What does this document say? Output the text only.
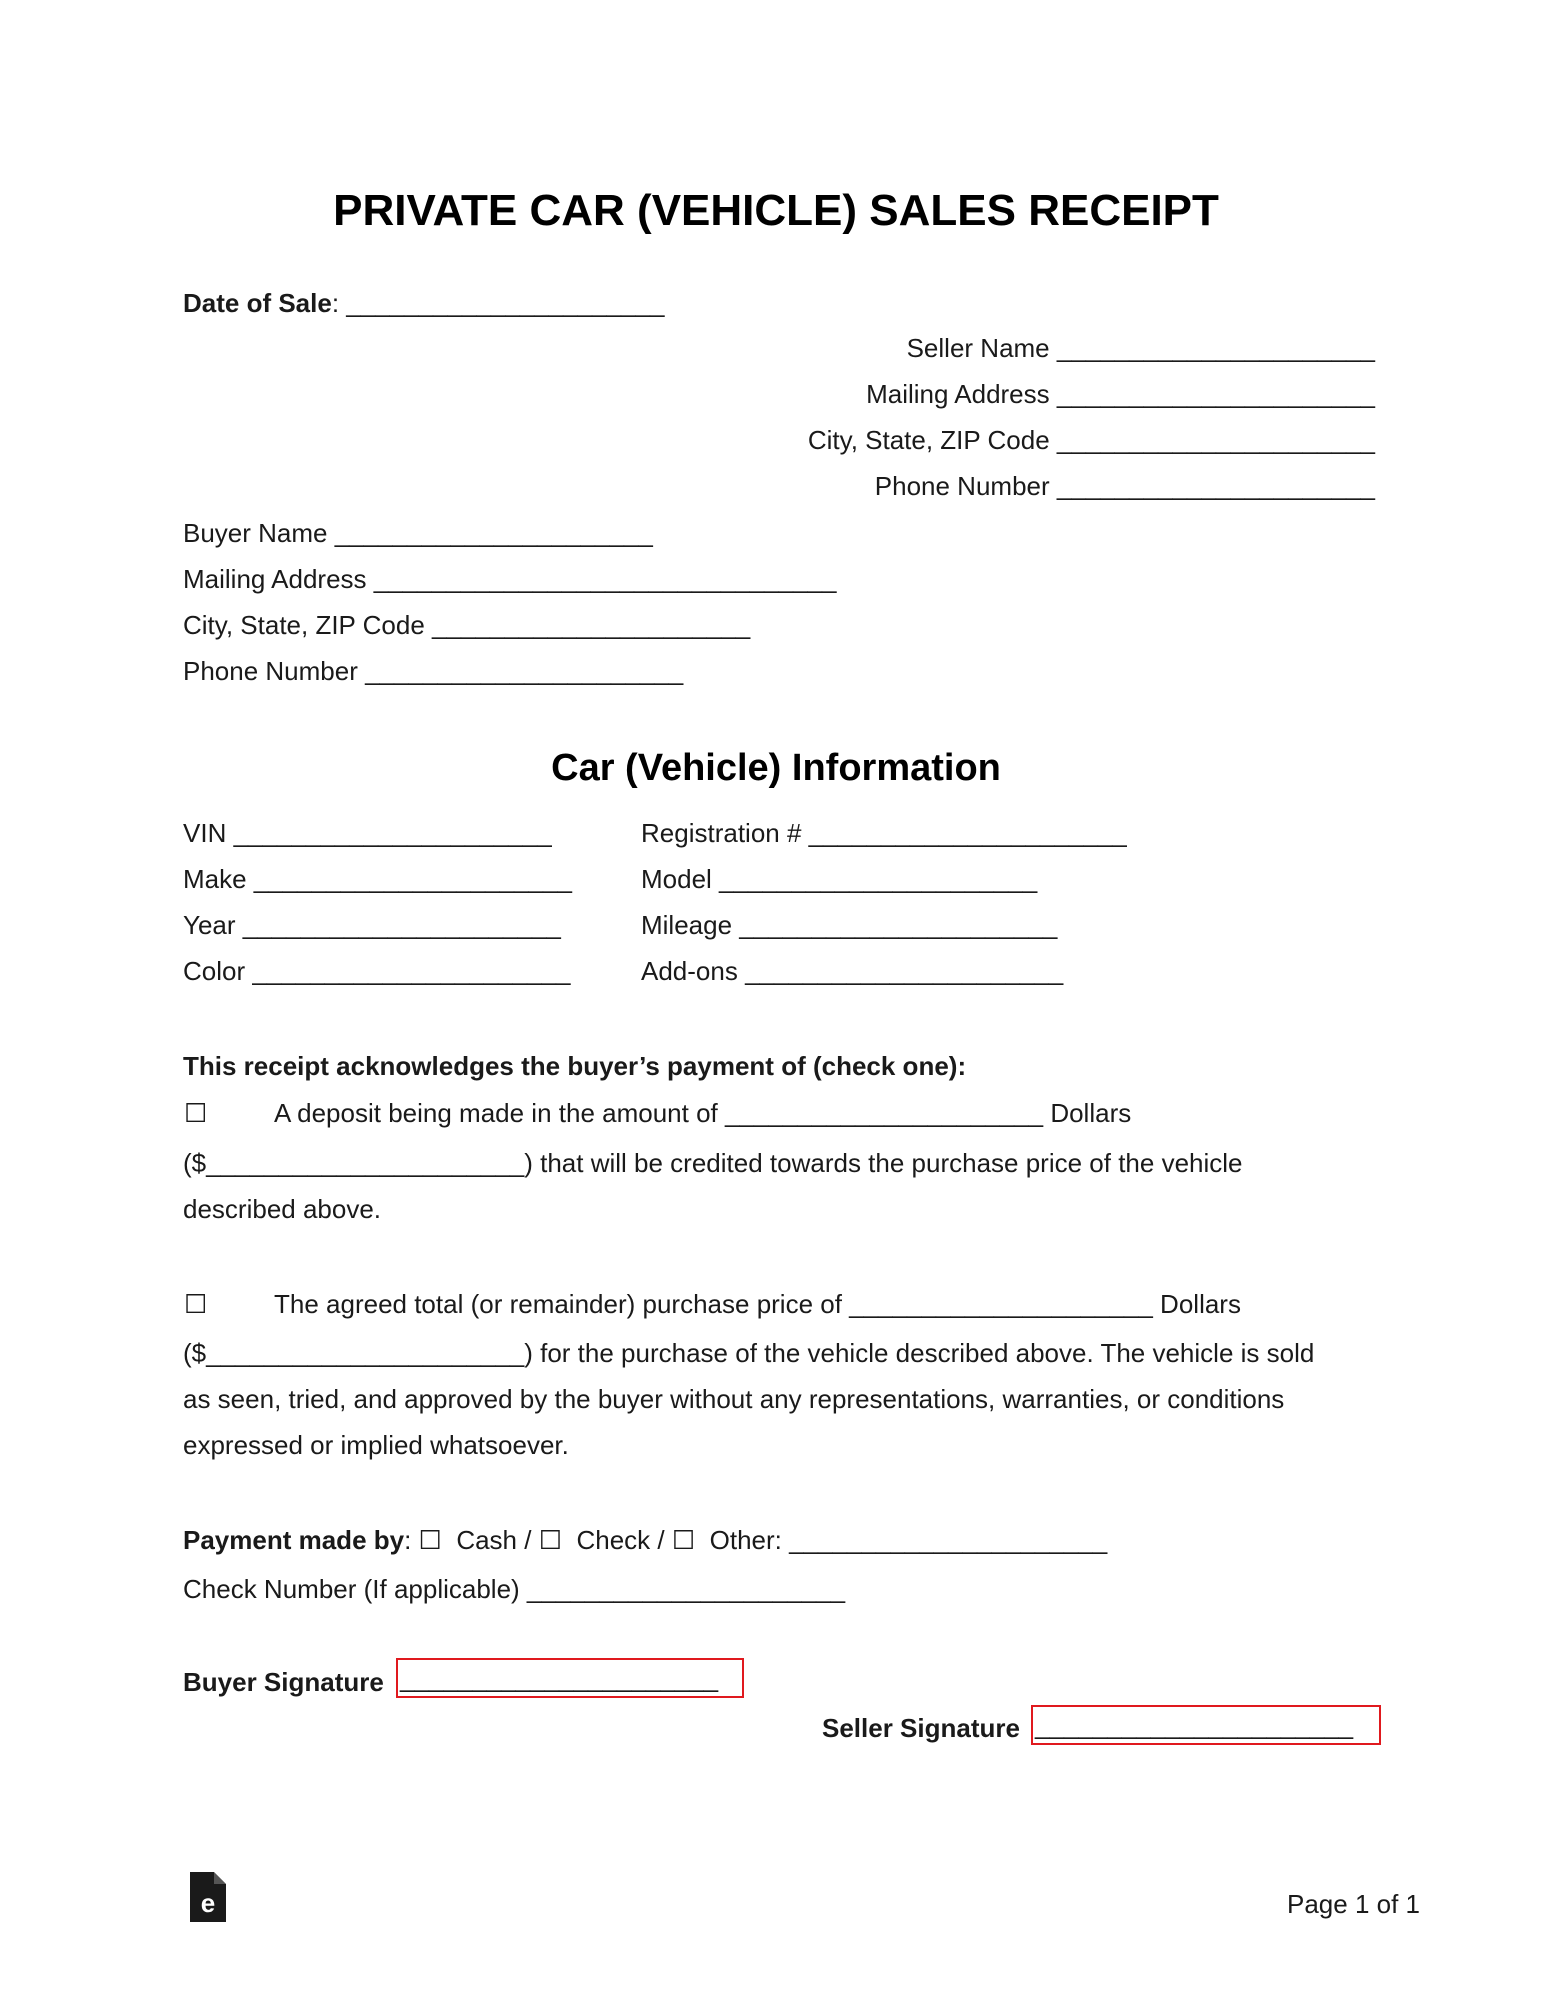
PRIVATE CAR (VEHICLE) SALES RECEIPT
Date of Sale: ______________________
Seller Name ______________________
Mailing Address ______________________
City, State, ZIP Code ______________________
Phone Number ______________________
Buyer Name ______________________
Mailing Address ________________________________
City, State, ZIP Code ______________________
Phone Number ______________________
Car (Vehicle) Information
VIN ______________________
Make ______________________
Year ______________________
Color ______________________
Registration # ______________________
Model ______________________
Mileage ______________________
Add-ons ______________________
This receipt acknowledges the buyer’s payment of (check one):
☐	A deposit being made in the amount of ______________________ Dollars
($______________________) that will be credited towards the purchase price of the vehicle
described above.
☐	The agreed total (or remainder) purchase price of _____________________ Dollars
($______________________) for the purchase of the vehicle described above. The vehicle is sold
as seen, tried, and approved by the buyer without any representations, warranties, or conditions
expressed or implied whatsoever.
Payment made by: ☐ Cash / ☐ Check / ☐ Other: ______________________
Check Number (If applicable) ______________________
Buyer Signature ______________________
Seller Signature ______________________
e	Page 1 of 1
